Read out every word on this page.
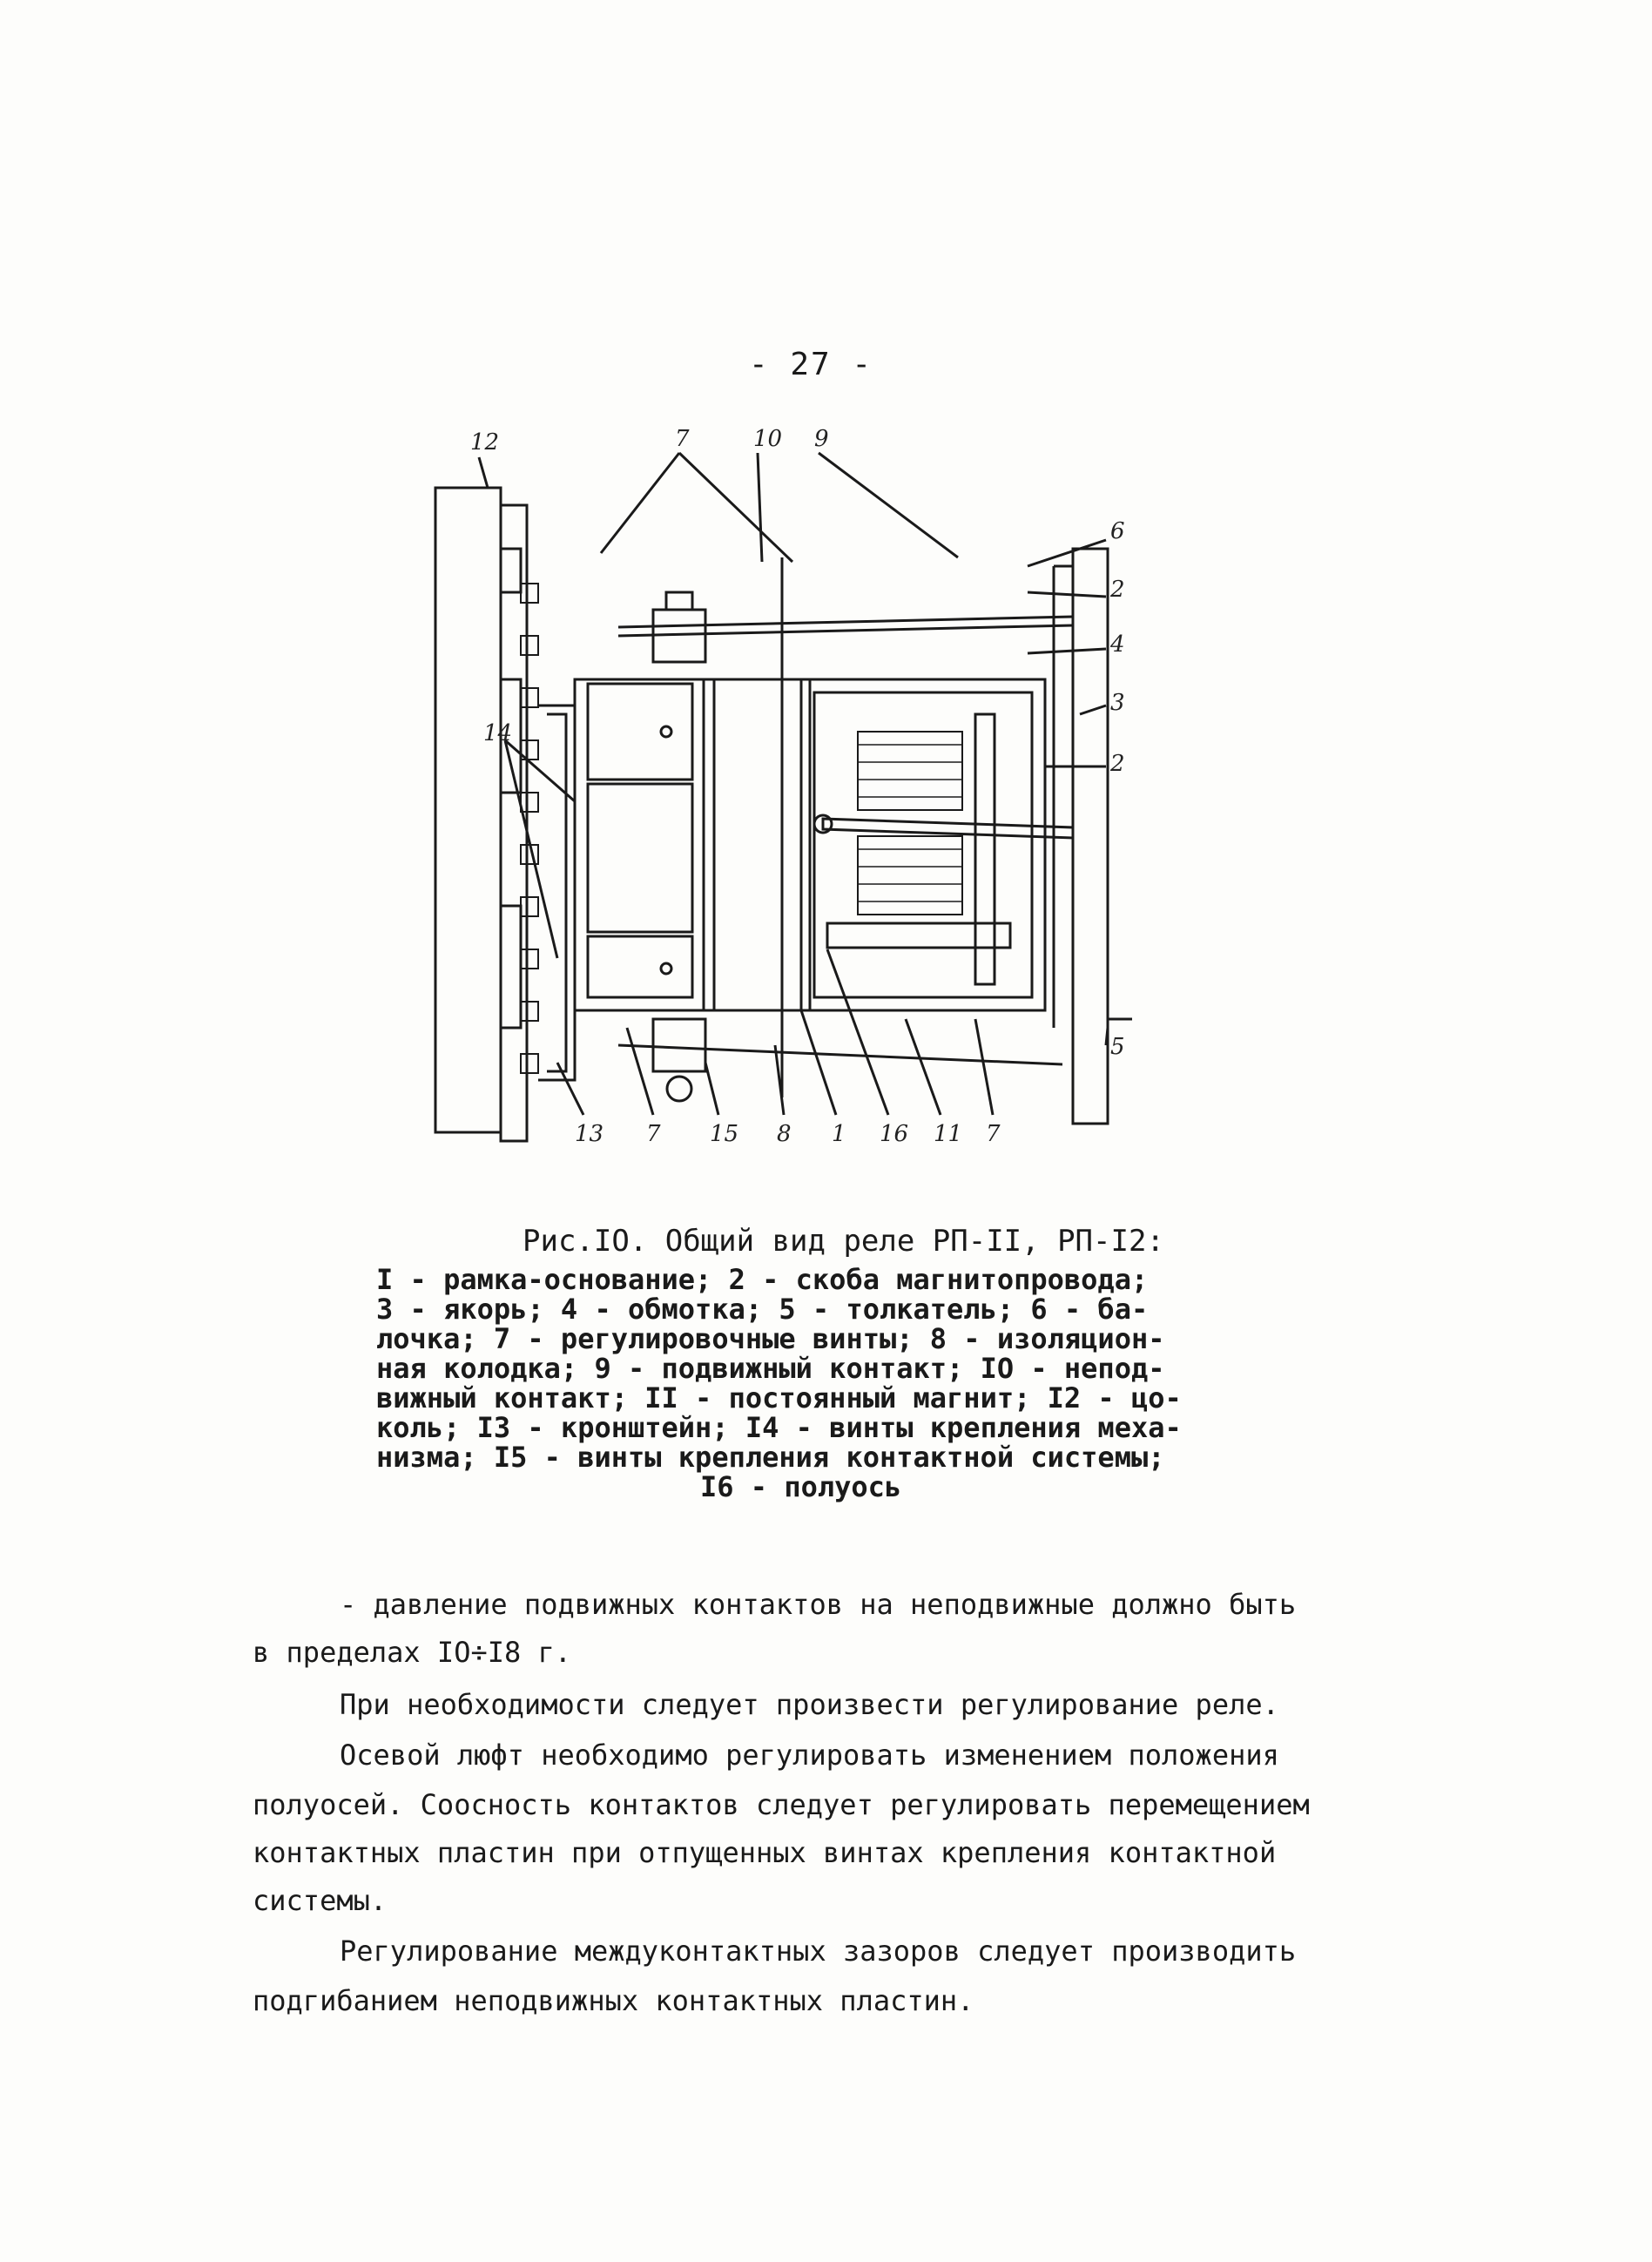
- 27 -
7	10 9
12
6
2
4
3
2
5
14
13 7 15 8 1 16 11 7
Рис.IO. Общий вид реле РП-II, РП-I2:
I - рамка-основание; 2 - скоба магнитопровода;
3 - якорь; 4 - обмотка; 5 - толкатель; 6 - ба-
лочка; 7 - регулировочные винты; 8 - изоляцион-
ная колодка; 9 - подвижный контакт; IO - непод-
вижный контакт; II - постоянный магнит; I2 - цо-
коль; I3 - кронштейн; I4 - винты крепления меха-
низма; I5 - винты крепления контактной системы;
I6 - полуось
- давление подвижных контактов на неподвижные должно быть
в пределах IO÷I8 г.
При необходимости следует произвести регулирование реле.
Осевой люфт необходимо регулировать изменением положения
полуосей. Соосность контактов следует регулировать перемещением
контактных пластин при отпущенных винтах крепления контактной
системы.
Регулирование междуконтактных зазоров следует производить
подгибанием неподвижных контактных пластин.
